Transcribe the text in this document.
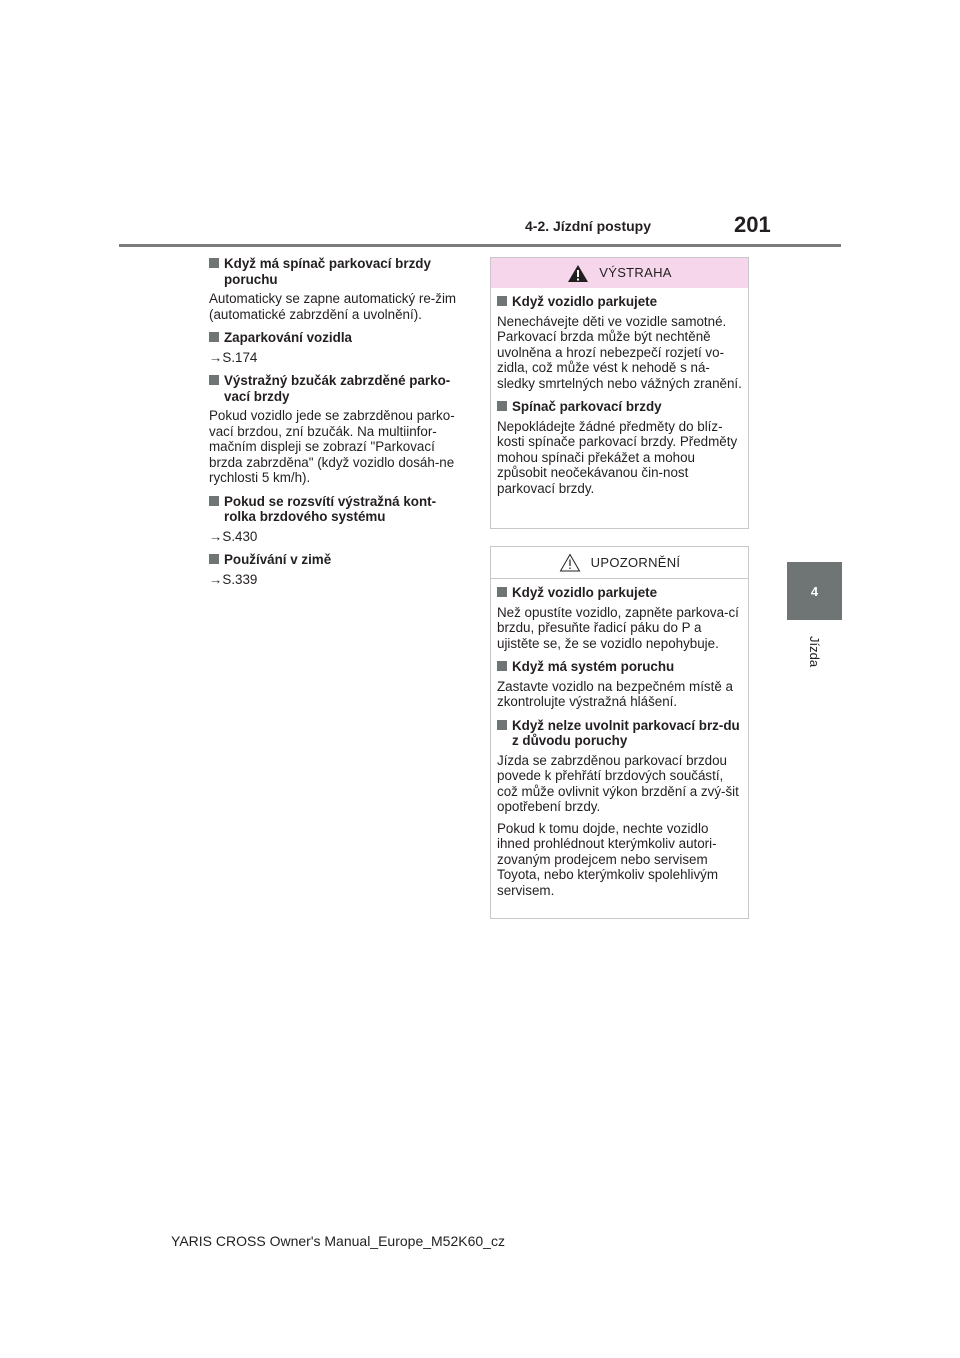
4-2. Jízdní postupy	201
4
Jízda
Když má spínač parkovací brzdy poruchu

Automaticky se zapne automatický re-žim (automatické zabrzdění a uvolnění).

Zaparkování vozidla

→S.174

Výstražný bzučák zabrzděné parko-vací brzdy

Pokud vozidlo jede se zabrzděnou parko-vací brzdou, zní bzučák. Na multiinfor-mačním displeji se zobrazí "Parkovací brzda zabrzděna" (když vozidlo dosáh-ne rychlosti 5 km/h).

Pokud se rozsvítí výstražná kont-rolka brzdového systému

→S.430

Používání v zimě

→S.339

VÝSTRAHA
Když vozidlo parkujete

Nenechávejte děti ve vozidle samotné. Parkovací brzda může být nechtěně uvolněna a hrozí nebezpečí rozjetí vo-zidla, což může vést k nehodě s ná-sledky smrtelných nebo vážných zranění.

Spínač parkovací brzdy

Nepokládejte žádné předměty do blíz-kosti spínače parkovací brzdy. Předměty mohou spínači překážet a mohou způsobit neočekávanou čin-nost parkovací brzdy.

UPOZORNĚNÍ
Když vozidlo parkujete

Než opustíte vozidlo, zapněte parkova-cí brzdu, přesuňte řadicí páku do P a ujistěte se, že se vozidlo nepohybuje.

Když má systém poruchu

Zastavte vozidlo na bezpečném místě a zkontrolujte výstražná hlášení.

Když nelze uvolnit parkovací brz-du z důvodu poruchy

Jízda se zabrzděnou parkovací brzdou povede k přehřátí brzdových součástí, což může ovlivnit výkon brzdění a zvý-šit opotřebení brzdy.

Pokud k tomu dojde, nechte vozidlo ihned prohlédnout kterýmkoliv autori-zovaným prodejcem nebo servisem Toyota, nebo kterýmkoliv spolehlivým servisem.

YARIS CROSS Owner's Manual_Europe_M52K60_cz
